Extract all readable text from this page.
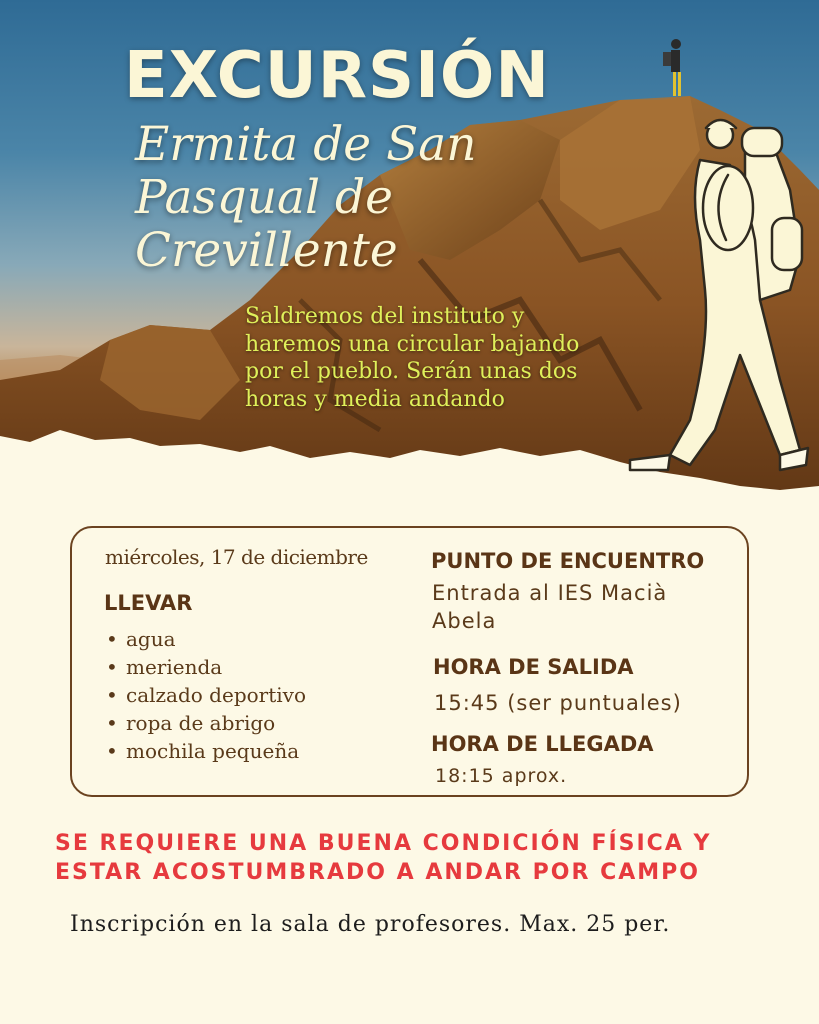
EXCURSIÓN
Ermita de San Pasqual de Crevillente
Saldremos del instituto y haremos una circular bajando por el pueblo. Serán unas dos horas y media andando
miércoles, 17 de diciembre
LLEVAR
• agua
• merienda
• calzado deportivo
• ropa de abrigo
• mochila pequeña
PUNTO DE ENCUENTRO
Entrada al IES Macià Abela
HORA DE SALIDA
15:45 (ser puntuales)
HORA DE LLEGADA
18:15 aprox.
SE REQUIERE UNA BUENA CONDICIÓN FÍSICA Y
ESTAR ACOSTUMBRADO A ANDAR POR CAMPO
Inscripción en la sala de profesores. Max. 25 per.
